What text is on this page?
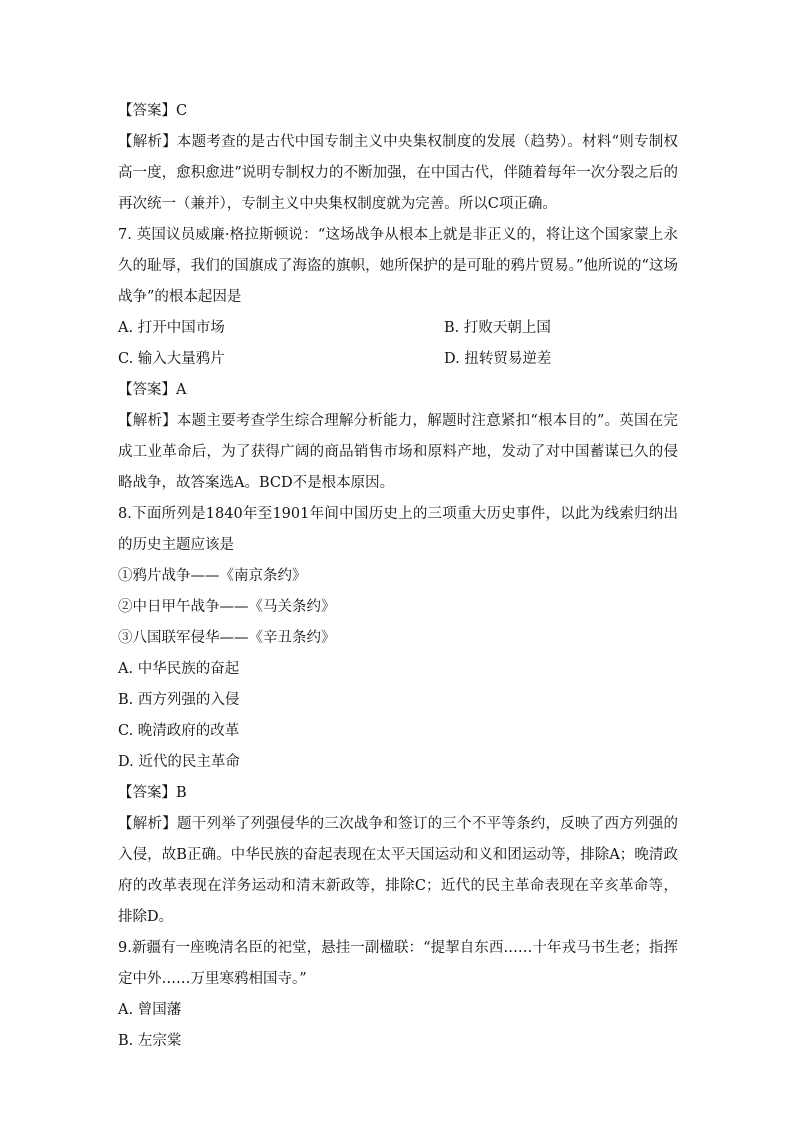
【答案】C

【解析】本题考查的是古代中国专制主义中央集权制度的发展（趋势）。材料“则专制权高一度，愈积愈进”说明专制权力的不断加强，在中国古代，伴随着每年一次分裂之后的再次统一（兼并），专制主义中央集权制度就为完善。所以C项正确。

7. 英国议员威廉·格拉斯顿说：“这场战争从根本上就是非正义的，将让这个国家蒙上永久的耻辱，我们的国旗成了海盗的旗帜，她所保护的是可耻的鸦片贸易。”他所说的“这场战争”的根本起因是

A. 打开中国市场	B. 打败天朝上国
C. 输入大量鸦片	D. 扭转贸易逆差

【答案】A

【解析】本题主要考查学生综合理解分析能力，解题时注意紧扣“根本目的”。英国在完成工业革命后，为了获得广阔的商品销售市场和原料产地，发动了对中国蓄谋已久的侵略战争，故答案选A。BCD不是根本原因。

8.下面所列是1840年至1901年间中国历史上的三项重大历史事件，以此为线索归纳出的历史主题应该是

①鸦片战争——《南京条约》

②中日甲午战争——《马关条约》

③八国联军侵华——《辛丑条约》

A. 中华民族的奋起

B. 西方列强的入侵

C. 晚清政府的改革

D. 近代的民主革命

【答案】B

【解析】题干列举了列强侵华的三次战争和签订的三个不平等条约，反映了西方列强的入侵，故B正确。中华民族的奋起表现在太平天国运动和义和团运动等，排除A；晚清政府的改革表现在洋务运动和清末新政等，排除C；近代的民主革命表现在辛亥革命等，排除D。

9.新疆有一座晚清名臣的祀堂，悬挂一副楹联：“提挈自东西……十年戎马书生老；指挥定中外……万里寒鸦相国寺。”

A. 曾国藩

B. 左宗棠
